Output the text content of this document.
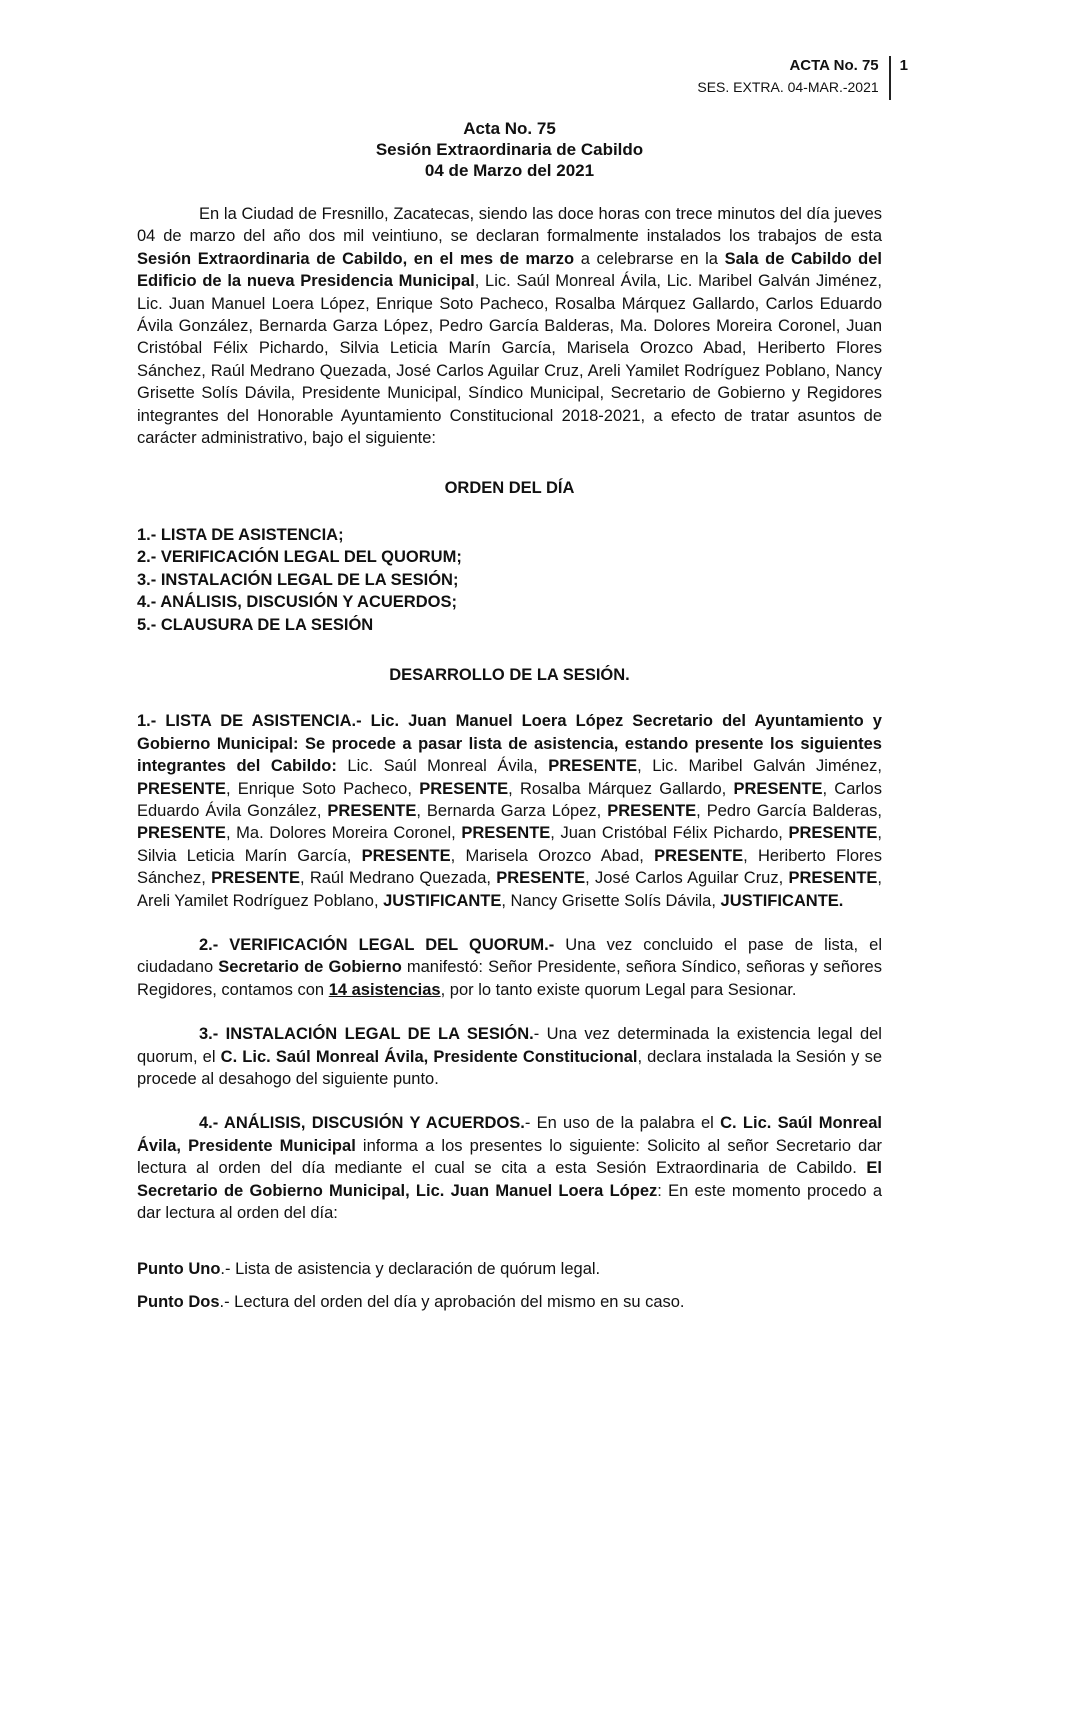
ACTA No. 75
SES. EXTRA. 04-MAR.-2021
1
Acta No. 75
Sesión Extraordinaria de Cabildo
04 de Marzo del 2021

En la Ciudad de Fresnillo, Zacatecas, siendo las doce horas con trece minutos del día jueves 04 de marzo del año dos mil veintiuno, se declaran formalmente instalados los trabajos de esta Sesión Extraordinaria de Cabildo, en el mes de marzo a celebrarse en la Sala de Cabildo del Edificio de la nueva Presidencia Municipal, Lic. Saúl Monreal Ávila, Lic. Maribel Galván Jiménez, Lic. Juan Manuel Loera López, Enrique Soto Pacheco, Rosalba Márquez Gallardo, Carlos Eduardo Ávila González, Bernarda Garza López, Pedro García Balderas, Ma. Dolores Moreira Coronel, Juan Cristóbal Félix Pichardo, Silvia Leticia Marín García, Marisela Orozco Abad, Heriberto Flores Sánchez, Raúl Medrano Quezada, José Carlos Aguilar Cruz, Areli Yamilet Rodríguez Poblano, Nancy Grisette Solís Dávila, Presidente Municipal, Síndico Municipal, Secretario de Gobierno y Regidores integrantes del Honorable Ayuntamiento Constitucional 2018-2021, a efecto de tratar asuntos de carácter administrativo, bajo el siguiente:

ORDEN DEL DÍA
1.- LISTA DE ASISTENCIA;
2.- VERIFICACIÓN LEGAL DEL QUORUM;
3.- INSTALACIÓN LEGAL DE LA SESIÓN;
4.- ANÁLISIS, DISCUSIÓN Y ACUERDOS;
5.- CLAUSURA DE LA SESIÓN
DESARROLLO DE LA SESIÓN.

1.- LISTA DE ASISTENCIA.- Lic. Juan Manuel Loera López Secretario del Ayuntamiento y Gobierno Municipal: Se procede a pasar lista de asistencia, estando presente los siguientes integrantes del Cabildo: Lic. Saúl Monreal Ávila, PRESENTE, Lic. Maribel Galván Jiménez, PRESENTE, Enrique Soto Pacheco, PRESENTE, Rosalba Márquez Gallardo, PRESENTE, Carlos Eduardo Ávila González, PRESENTE, Bernarda Garza López, PRESENTE, Pedro García Balderas, PRESENTE, Ma. Dolores Moreira Coronel, PRESENTE, Juan Cristóbal Félix Pichardo, PRESENTE, Silvia Leticia Marín García, PRESENTE, Marisela Orozco Abad, PRESENTE, Heriberto Flores Sánchez, PRESENTE, Raúl Medrano Quezada, PRESENTE, José Carlos Aguilar Cruz, PRESENTE, Areli Yamilet Rodríguez Poblano, JUSTIFICANTE, Nancy Grisette Solís Dávila, JUSTIFICANTE.

2.- VERIFICACIÓN LEGAL DEL QUORUM.- Una vez concluido el pase de lista, el ciudadano Secretario de Gobierno manifestó: Señor Presidente, señora Síndico, señoras y señores Regidores, contamos con 14 asistencias, por lo tanto existe quorum Legal para Sesionar.

3.- INSTALACIÓN LEGAL DE LA SESIÓN.- Una vez determinada la existencia legal del quorum, el C. Lic. Saúl Monreal Ávila, Presidente Constitucional, declara instalada la Sesión y se procede al desahogo del siguiente punto.

4.- ANÁLISIS, DISCUSIÓN Y ACUERDOS.- En uso de la palabra el C. Lic. Saúl Monreal Ávila, Presidente Municipal informa a los presentes lo siguiente: Solicito al señor Secretario dar lectura al orden del día mediante el cual se cita a esta Sesión Extraordinaria de Cabildo. El Secretario de Gobierno Municipal, Lic. Juan Manuel Loera López: En este momento procedo a dar lectura al orden del día:

Punto Uno.- Lista de asistencia y declaración de quórum legal.

Punto Dos.- Lectura del orden del día y aprobación del mismo en su caso.
